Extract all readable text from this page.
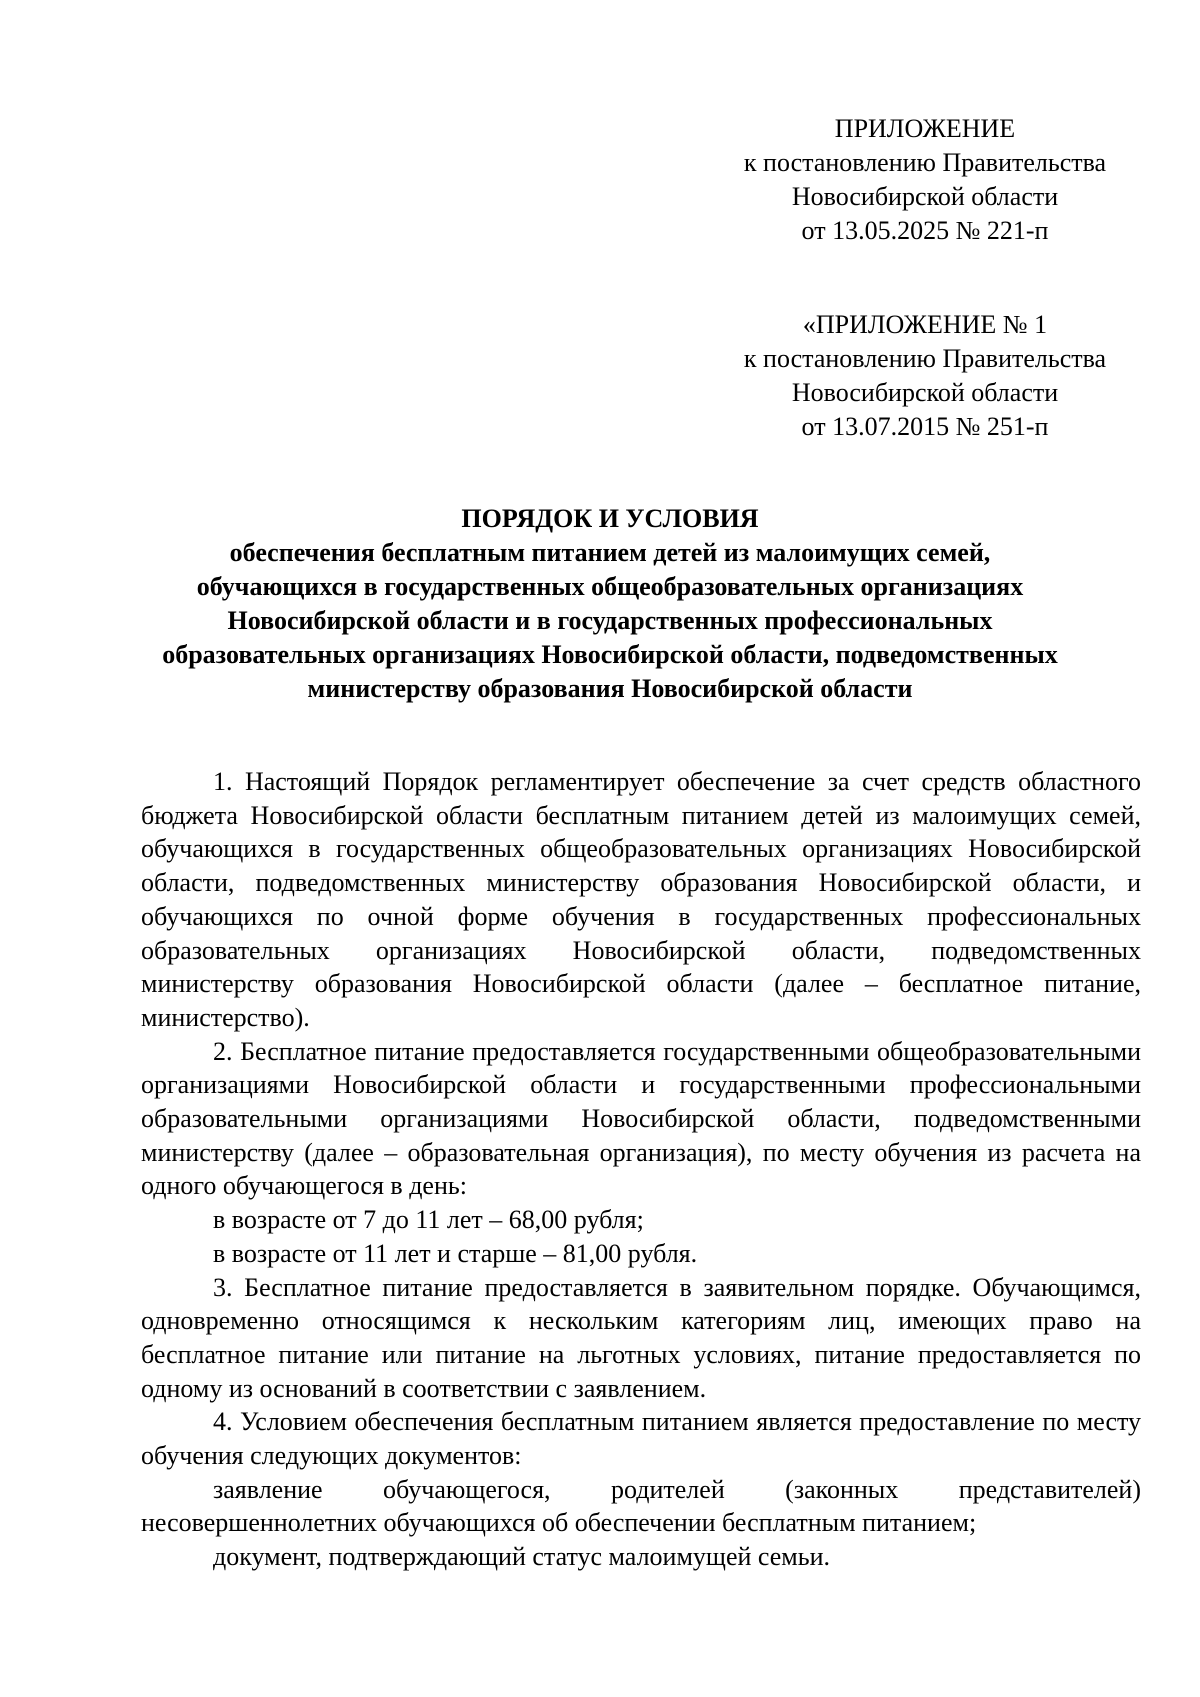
ПРИЛОЖЕНИЕ
к постановлению Правительства
Новосибирской области
от 13.05.2025 № 221-п
«ПРИЛОЖЕНИЕ № 1
к постановлению Правительства
Новосибирской области
от 13.07.2015 № 251-п
ПОРЯДОК И УСЛОВИЯ
обеспечения бесплатным питанием детей из малоимущих семей,
обучающихся в государственных общеобразовательных организациях
Новосибирской области и в государственных профессиональных
образовательных организациях Новосибирской области, подведомственных
министерству образования Новосибирской области

1. Настоящий Порядок регламентирует обеспечение за счет средств областного бюджета Новосибирской области бесплатным питанием детей из малоимущих семей, обучающихся в государственных общеобразовательных организациях Новосибирской области, подведомственных министерству образования Новосибирской области, и обучающихся по очной форме обучения в государственных профессиональных образовательных организациях Новосибирской области, подведомственных министерству образования Новосибирской области (далее – бесплатное питание, министерство).

2. Бесплатное питание предоставляется государственными общеобразовательными организациями Новосибирской области и государственными профессиональными образовательными организациями Новосибирской области, подведомственными министерству (далее – образовательная организация), по месту обучения из расчета на одного обучающегося в день:

в возрасте от 7 до 11 лет – 68,00 рубля;

в возрасте от 11 лет и старше – 81,00 рубля.

3. Бесплатное питание предоставляется в заявительном порядке. Обучающимся, одновременно относящимся к нескольким категориям лиц, имеющих право на бесплатное питание или питание на льготных условиях, питание предоставляется по одному из оснований в соответствии с заявлением.

4. Условием обеспечения бесплатным питанием является предоставление по месту обучения следующих документов:

заявление обучающегося, родителей (законных представителей) несовершеннолетних обучающихся об обеспечении бесплатным питанием;

документ, подтверждающий статус малоимущей семьи.
